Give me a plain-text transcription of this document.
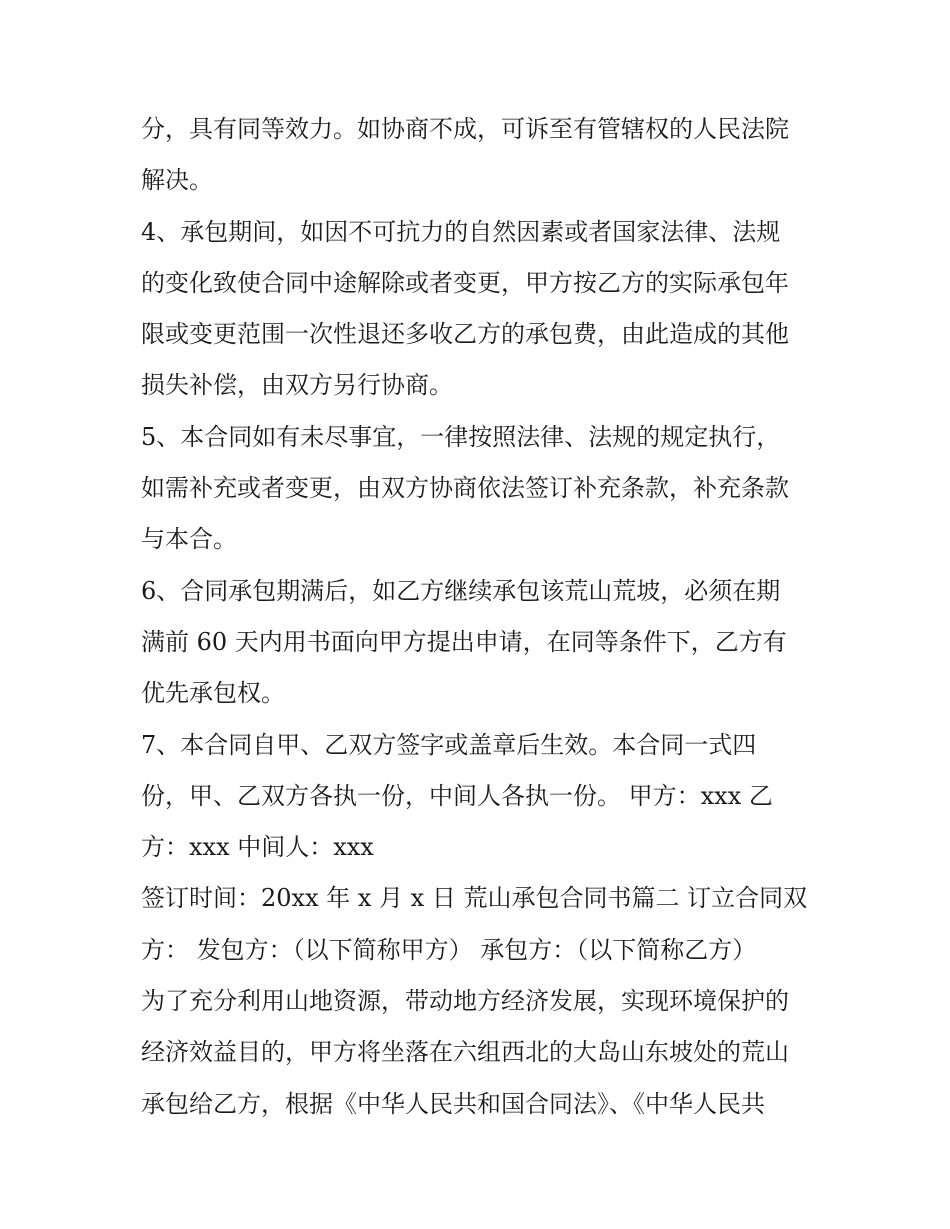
分，具有同等效力。如协商不成，可诉至有管辖权的人民法院
解决。
4、承包期间，如因不可抗力的自然因素或者国家法律、法规
的变化致使合同中途解除或者变更，甲方按乙方的实际承包年
限或变更范围一次性退还多收乙方的承包费，由此造成的其他
损失补偿，由双方另行协商。
5、本合同如有未尽事宜，一律按照法律、法规的规定执行，
如需补充或者变更，由双方协商依法签订补充条款，补充条款
与本合。
6、合同承包期满后，如乙方继续承包该荒山荒坡，必须在期
满前 60 天内用书面向甲方提出申请，在同等条件下，乙方有
优先承包权。
7、本合同自甲、乙双方签字或盖章后生效。本合同一式四
份，甲、乙双方各执一份，中间人各执一份。 甲方：xxx 乙
方：xxx 中间人：xxx
签订时间：20xx 年 x 月 x 日 荒山承包合同书篇二 订立合同双
方： 发包方：（以下简称甲方） 承包方：（以下简称乙方）
为了充分利用山地资源，带动地方经济发展，实现环境保护的
经济效益目的，甲方将坐落在六组西北的大岛山东坡处的荒山
承包给乙方，根据《中华人民共和国合同法》、《中华人民共
